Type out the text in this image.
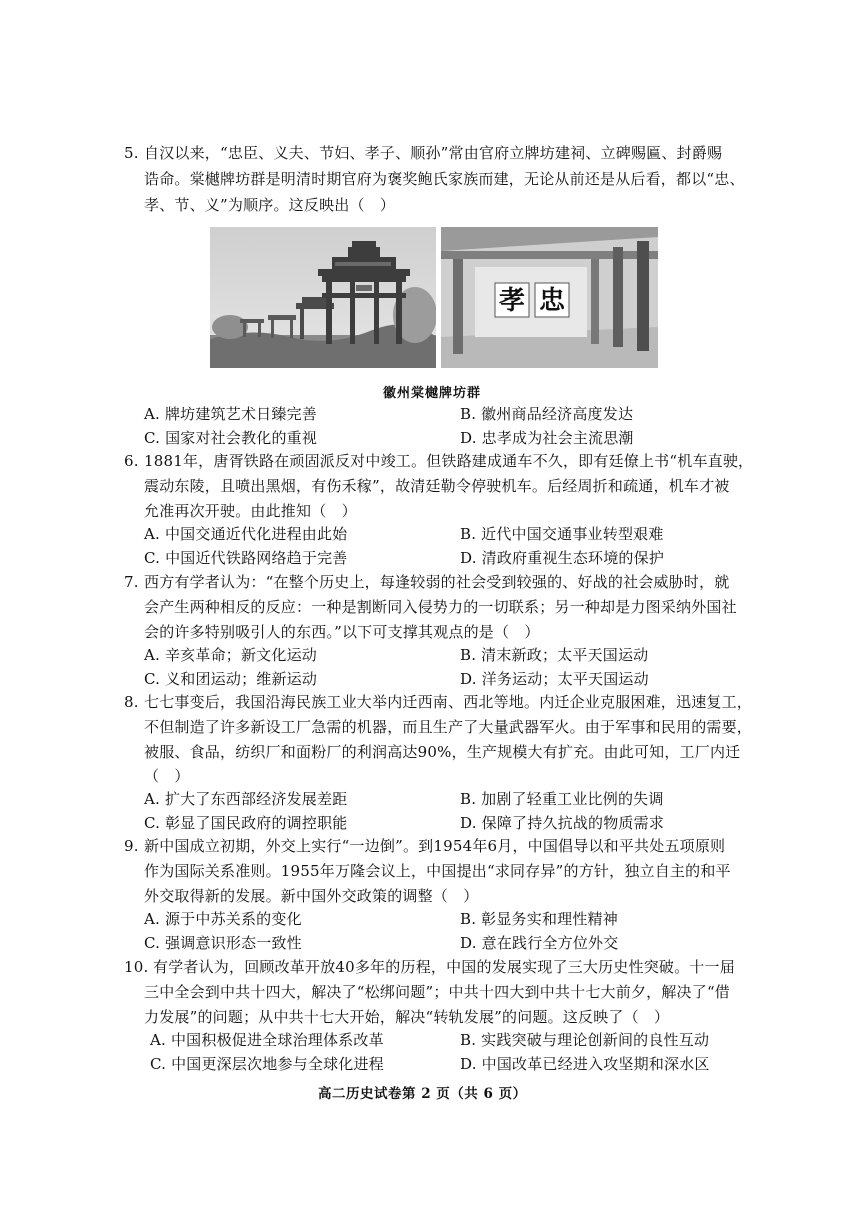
5. 自汉以来，“忠臣、义夫、节妇、孝子、顺孙”常由官府立牌坊建祠、立碑赐匾、封爵赐
诰命。棠樾牌坊群是明清时期官府为褒奖鲍氏家族而建，无论从前还是从后看，都以“忠、
孝、节、义”为顺序。这反映出（　）
孝 忠
徽州棠樾牌坊群
A. 牌坊建筑艺术日臻完善	B. 徽州商品经济高度发达
C. 国家对社会教化的重视	D. 忠孝成为社会主流思潮
6. 1881年，唐胥铁路在顽固派反对中竣工。但铁路建成通车不久，即有廷僚上书“机车直驶，
震动东陵，且喷出黑烟，有伤禾稼”，故清廷勒令停驶机车。后经周折和疏通，机车才被
允准再次开驶。由此推知（　）
A. 中国交通近代化进程由此始	B. 近代中国交通事业转型艰难
C. 中国近代铁路网络趋于完善	D. 清政府重视生态环境的保护
7. 西方有学者认为：“在整个历史上，每逢较弱的社会受到较强的、好战的社会威胁时，就
会产生两种相反的反应：一种是割断同入侵势力的一切联系；另一种却是力图采纳外国社
会的许多特别吸引人的东西。”以下可支撑其观点的是（　）
A. 辛亥革命；新文化运动	B. 清末新政；太平天国运动
C. 义和团运动；维新运动	D. 洋务运动；太平天国运动
8. 七七事变后，我国沿海民族工业大举内迁西南、西北等地。内迁企业克服困难，迅速复工，
不但制造了许多新设工厂急需的机器，而且生产了大量武器军火。由于军事和民用的需要，
被服、食品，纺织厂和面粉厂的利润高达90%，生产规模大有扩充。由此可知，工厂内迁
（　）
A. 扩大了东西部经济发展差距	B. 加剧了轻重工业比例的失调
C. 彰显了国民政府的调控职能	D. 保障了持久抗战的物质需求
9. 新中国成立初期，外交上实行“一边倒”。到1954年6月，中国倡导以和平共处五项原则
作为国际关系准则。1955年万隆会议上，中国提出“求同存异”的方针，独立自主的和平
外交取得新的发展。新中国外交政策的调整（　）
A. 源于中苏关系的变化	B. 彰显务实和理性精神
C. 强调意识形态一致性	D. 意在践行全方位外交
10. 有学者认为，回顾改革开放40多年的历程，中国的发展实现了三大历史性突破。十一届
三中全会到中共十四大，解决了“松绑问题”；中共十四大到中共十七大前夕，解决了“借
力发展”的问题；从中共十七大开始，解决“转轨发展”的问题。这反映了（　）
A. 中国积极促进全球治理体系改革	B. 实践突破与理论创新间的良性互动
C. 中国更深层次地参与全球化进程	D. 中国改革已经进入攻坚期和深水区
高二历史试卷第 2 页（共 6 页）
